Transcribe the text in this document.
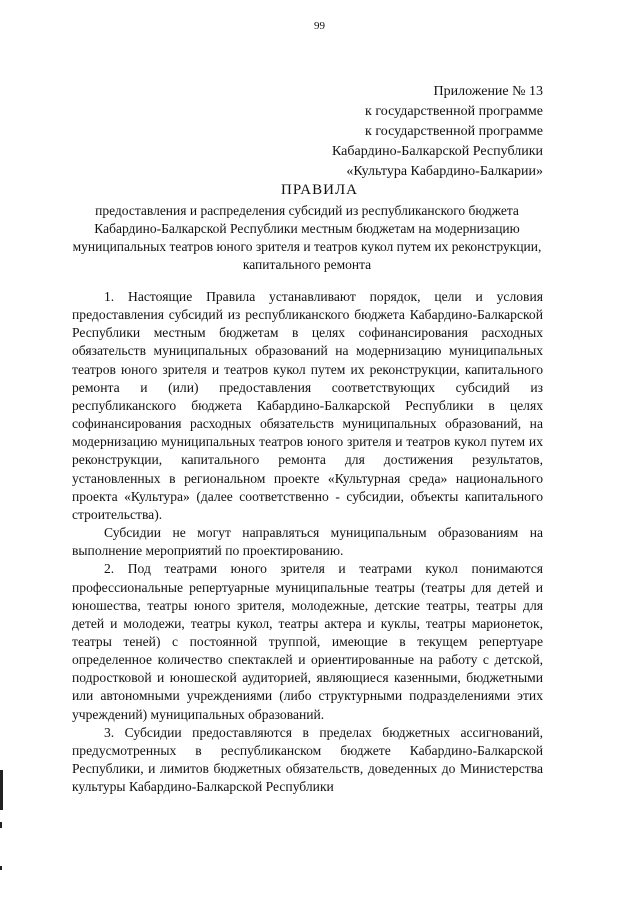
99
Приложение № 13
к государственной программе
к государственной программе
Кабардино-Балкарской Республики
«Культура Кабардино-Балкарии»
ПРАВИЛА
предоставления и распределения субсидий из республиканского бюджета Кабардино-Балкарской Республики местным бюджетам на модернизацию муниципальных театров юного зрителя и театров кукол путем их реконструкции, капитального ремонта

1. Настоящие Правила устанавливают порядок, цели и условия предоставления субсидий из республиканского бюджета Кабардино-Балкарской Республики местным бюджетам в целях софинансирования расходных обязательств муниципальных образований на модернизацию муниципальных театров юного зрителя и театров кукол путем их реконструкции, капитального ремонта и (или) предоставления соответствующих субсидий из республиканского бюджета Кабардино-Балкарской Республики в целях софинансирования расходных обязательств муниципальных образований, на модернизацию муниципальных театров юного зрителя и театров кукол путем их реконструкции, капитального ремонта для достижения результатов, установленных в региональном проекте «Культурная среда» национального проекта «Культура» (далее соответственно - субсидии, объекты капитального строительства).

Субсидии не могут направляться муниципальным образованиям на выполнение мероприятий по проектированию.

2. Под театрами юного зрителя и театрами кукол понимаются профессиональные репертуарные муниципальные театры (театры для детей и юношества, театры юного зрителя, молодежные, детские театры, театры для детей и молодежи, театры кукол, театры актера и куклы, театры марионеток, театры теней) с постоянной труппой, имеющие в текущем репертуаре определенное количество спектаклей и ориентированные на работу с детской, подростковой и юношеской аудиторией, являющиеся казенными, бюджетными или автономными учреждениями (либо структурными подразделениями этих учреждений) муниципальных образований.

3. Субсидии предоставляются в пределах бюджетных ассигнований, предусмотренных в республиканском бюджете Кабардино-Балкарской Республики, и лимитов бюджетных обязательств, доведенных до Министерства культуры Кабардино-Балкарской Республики
